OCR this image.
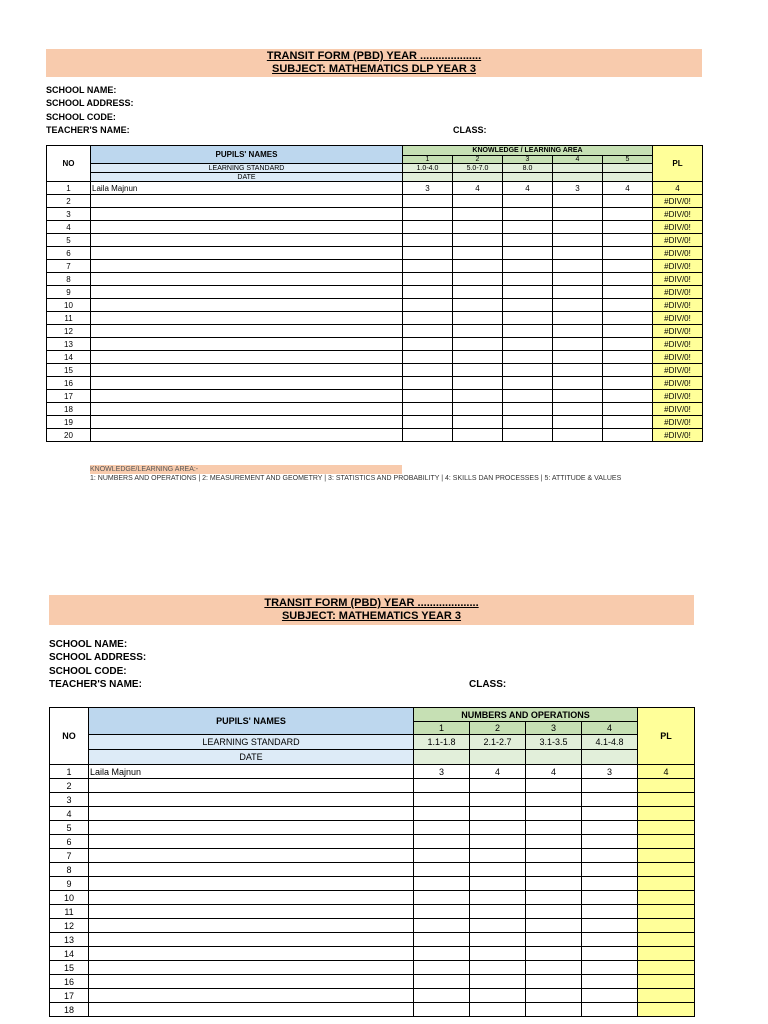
TRANSIT FORM (PBD) YEAR ....................
SUBJECT: MATHEMATICS DLP YEAR 3
SCHOOL NAME:
SCHOOL ADDRESS:
SCHOOL CODE:
TEACHER'S NAME:	CLASS:
NO	PUPILS' NAMES	KNOWLEDGE / LEARNING AREA					PL
		1	2	3	4	5	
	LEARNING STANDARD	1.0-4.0	5.0-7.0	8.0			
	DATE						
1	Laila Majnun	3	4	4	3	4	4
2							#DIV/0!
3							#DIV/0!
4							#DIV/0!
5							#DIV/0!
6							#DIV/0!
7							#DIV/0!
8							#DIV/0!
9							#DIV/0!
10							#DIV/0!
11							#DIV/0!
12							#DIV/0!
13							#DIV/0!
14							#DIV/0!
15							#DIV/0!
16							#DIV/0!
17							#DIV/0!
18							#DIV/0!
19							#DIV/0!
20							#DIV/0!
KNOWLEDGE/LEARNING AREA:-
1: NUMBERS AND OPERATIONS | 2: MEASUREMENT AND GEOMETRY | 3: STATISTICS AND PROBABILITY | 4: SKILLS DAN PROCESSES | 5: ATTITUDE & VALUES
TRANSIT FORM (PBD) YEAR ....................
SUBJECT: MATHEMATICS YEAR 3
SCHOOL NAME:
SCHOOL ADDRESS:
SCHOOL CODE:
TEACHER'S NAME:	CLASS:
NO	PUPILS' NAMES	NUMBERS AND OPERATIONS				PL
		1	2	3	4	
	LEARNING STANDARD	1.1-1.8	2.1-2.7	3.1-3.5	4.1-4.8	
	DATE					
1	Laila Majnun	3	4	4	3	4
2						
3						
4						
5						
6						
7						
8						
9						
10						
11						
12						
13						
14						
15						
16						
17						
18						
